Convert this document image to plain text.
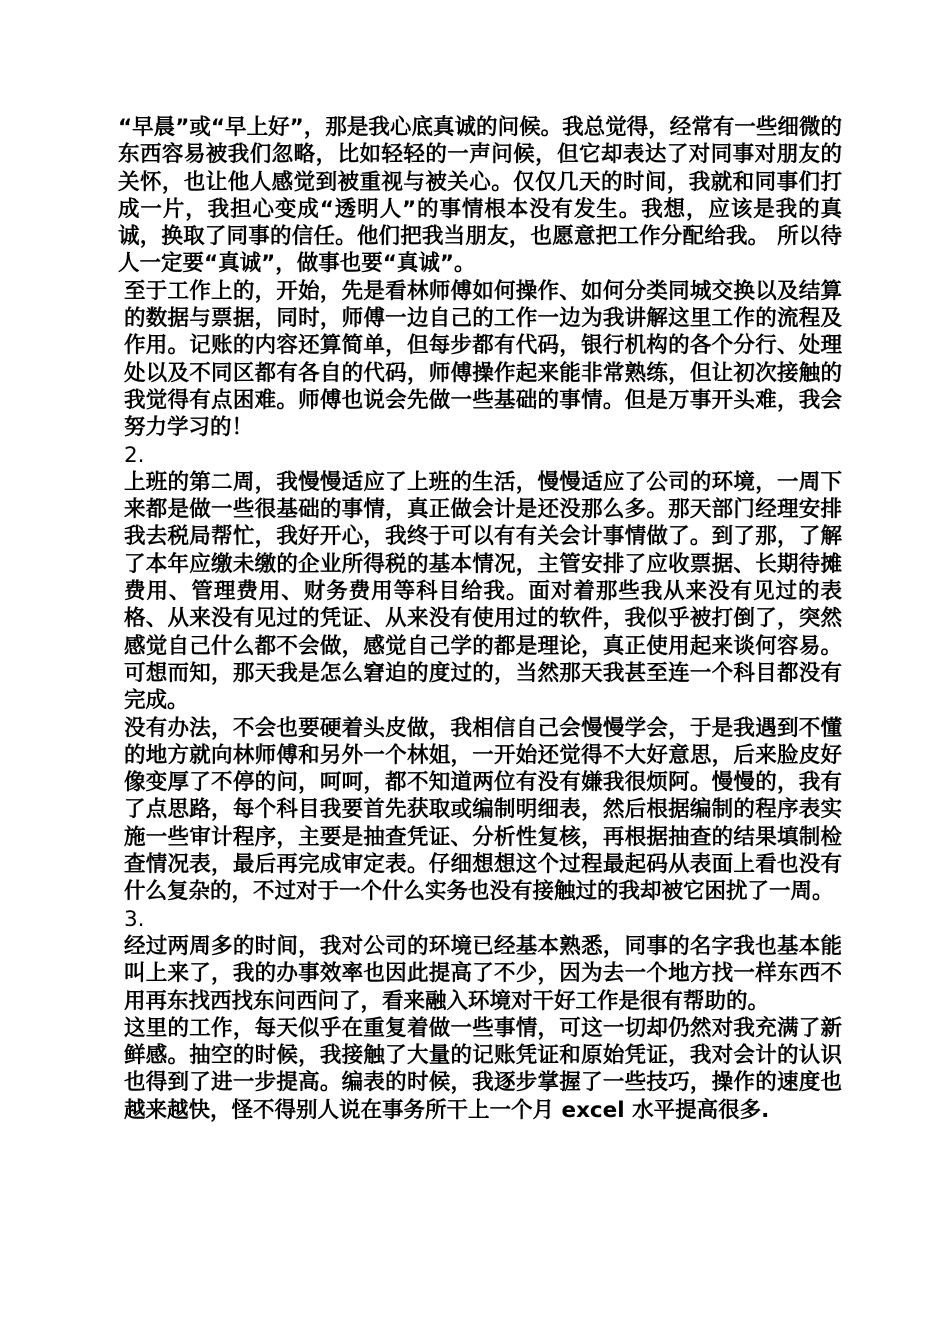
“早晨”或“早上好”，那是我心底真诚的问候。我总觉得，经常有一些细微的东西容易被我们忽略，比如轻轻的一声问候，但它却表达了对同事对朋友的关怀，也让他人感觉到被重视与被关心。仅仅几天的时间，我就和同事们打成一片，我担心变成“透明人”的事情根本没有发生。我想，应该是我的真诚，换取了同事的信任。他们把我当朋友，也愿意把工作分配给我。 所以待人一定要“真诚”，做事也要“真诚”。

至于工作上的，开始，先是看林师傅如何操作、如何分类同城交换以及结算的数据与票据，同时，师傅一边自己的工作一边为我讲解这里工作的流程及作用。记账的内容还算简单，但每步都有代码，银行机构的各个分行、处理处以及不同区都有各自的代码，师傅操作起来能非常熟练，但让初次接触的我觉得有点困难。师傅也说会先做一些基础的事情。但是万事开头难，我会努力学习的！

2.

上班的第二周，我慢慢适应了上班的生活，慢慢适应了公司的环境，一周下来都是做一些很基础的事情，真正做会计是还没那么多。那天部门经理安排我去税局帮忙，我好开心，我终于可以有有关会计事情做了。到了那，了解了本年应缴未缴的企业所得税的基本情况，主管安排了应收票据、长期待摊费用、管理费用、财务费用等科目给我。面对着那些我从来没有见过的表格、从来没有见过的凭证、从来没有使用过的软件，我似乎被打倒了，突然感觉自己什么都不会做，感觉自己学的都是理论，真正使用起来谈何容易。可想而知，那天我是怎么窘迫的度过的，当然那天我甚至连一个科目都没有完成。

没有办法，不会也要硬着头皮做，我相信自己会慢慢学会，于是我遇到不懂的地方就向林师傅和另外一个林姐，一开始还觉得不大好意思，后来脸皮好像变厚了不停的问，呵呵，都不知道两位有没有嫌我很烦阿。慢慢的，我有了点思路，每个科目我要首先获取或编制明细表，然后根据编制的程序表实施一些审计程序，主要是抽查凭证、分析性复核，再根据抽查的结果填制检查情况表，最后再完成审定表。仔细想想这个过程最起码从表面上看也没有什么复杂的，不过对于一个什么实务也没有接触过的我却被它困扰了一周。

3.

经过两周多的时间，我对公司的环境已经基本熟悉，同事的名字我也基本能叫上来了，我的办事效率也因此提高了不少，因为去一个地方找一样东西不用再东找西找东问西问了，看来融入环境对干好工作是很有帮助的。

这里的工作，每天似乎在重复着做一些事情，可这一切却仍然对我充满了新鲜感。抽空的时候，我接触了大量的记账凭证和原始凭证，我对会计的认识也得到了进一步提高。编表的时候，我逐步掌握了一些技巧，操作的速度也越来越快，怪不得别人说在事务所干上一个月 excel 水平提高很多.
